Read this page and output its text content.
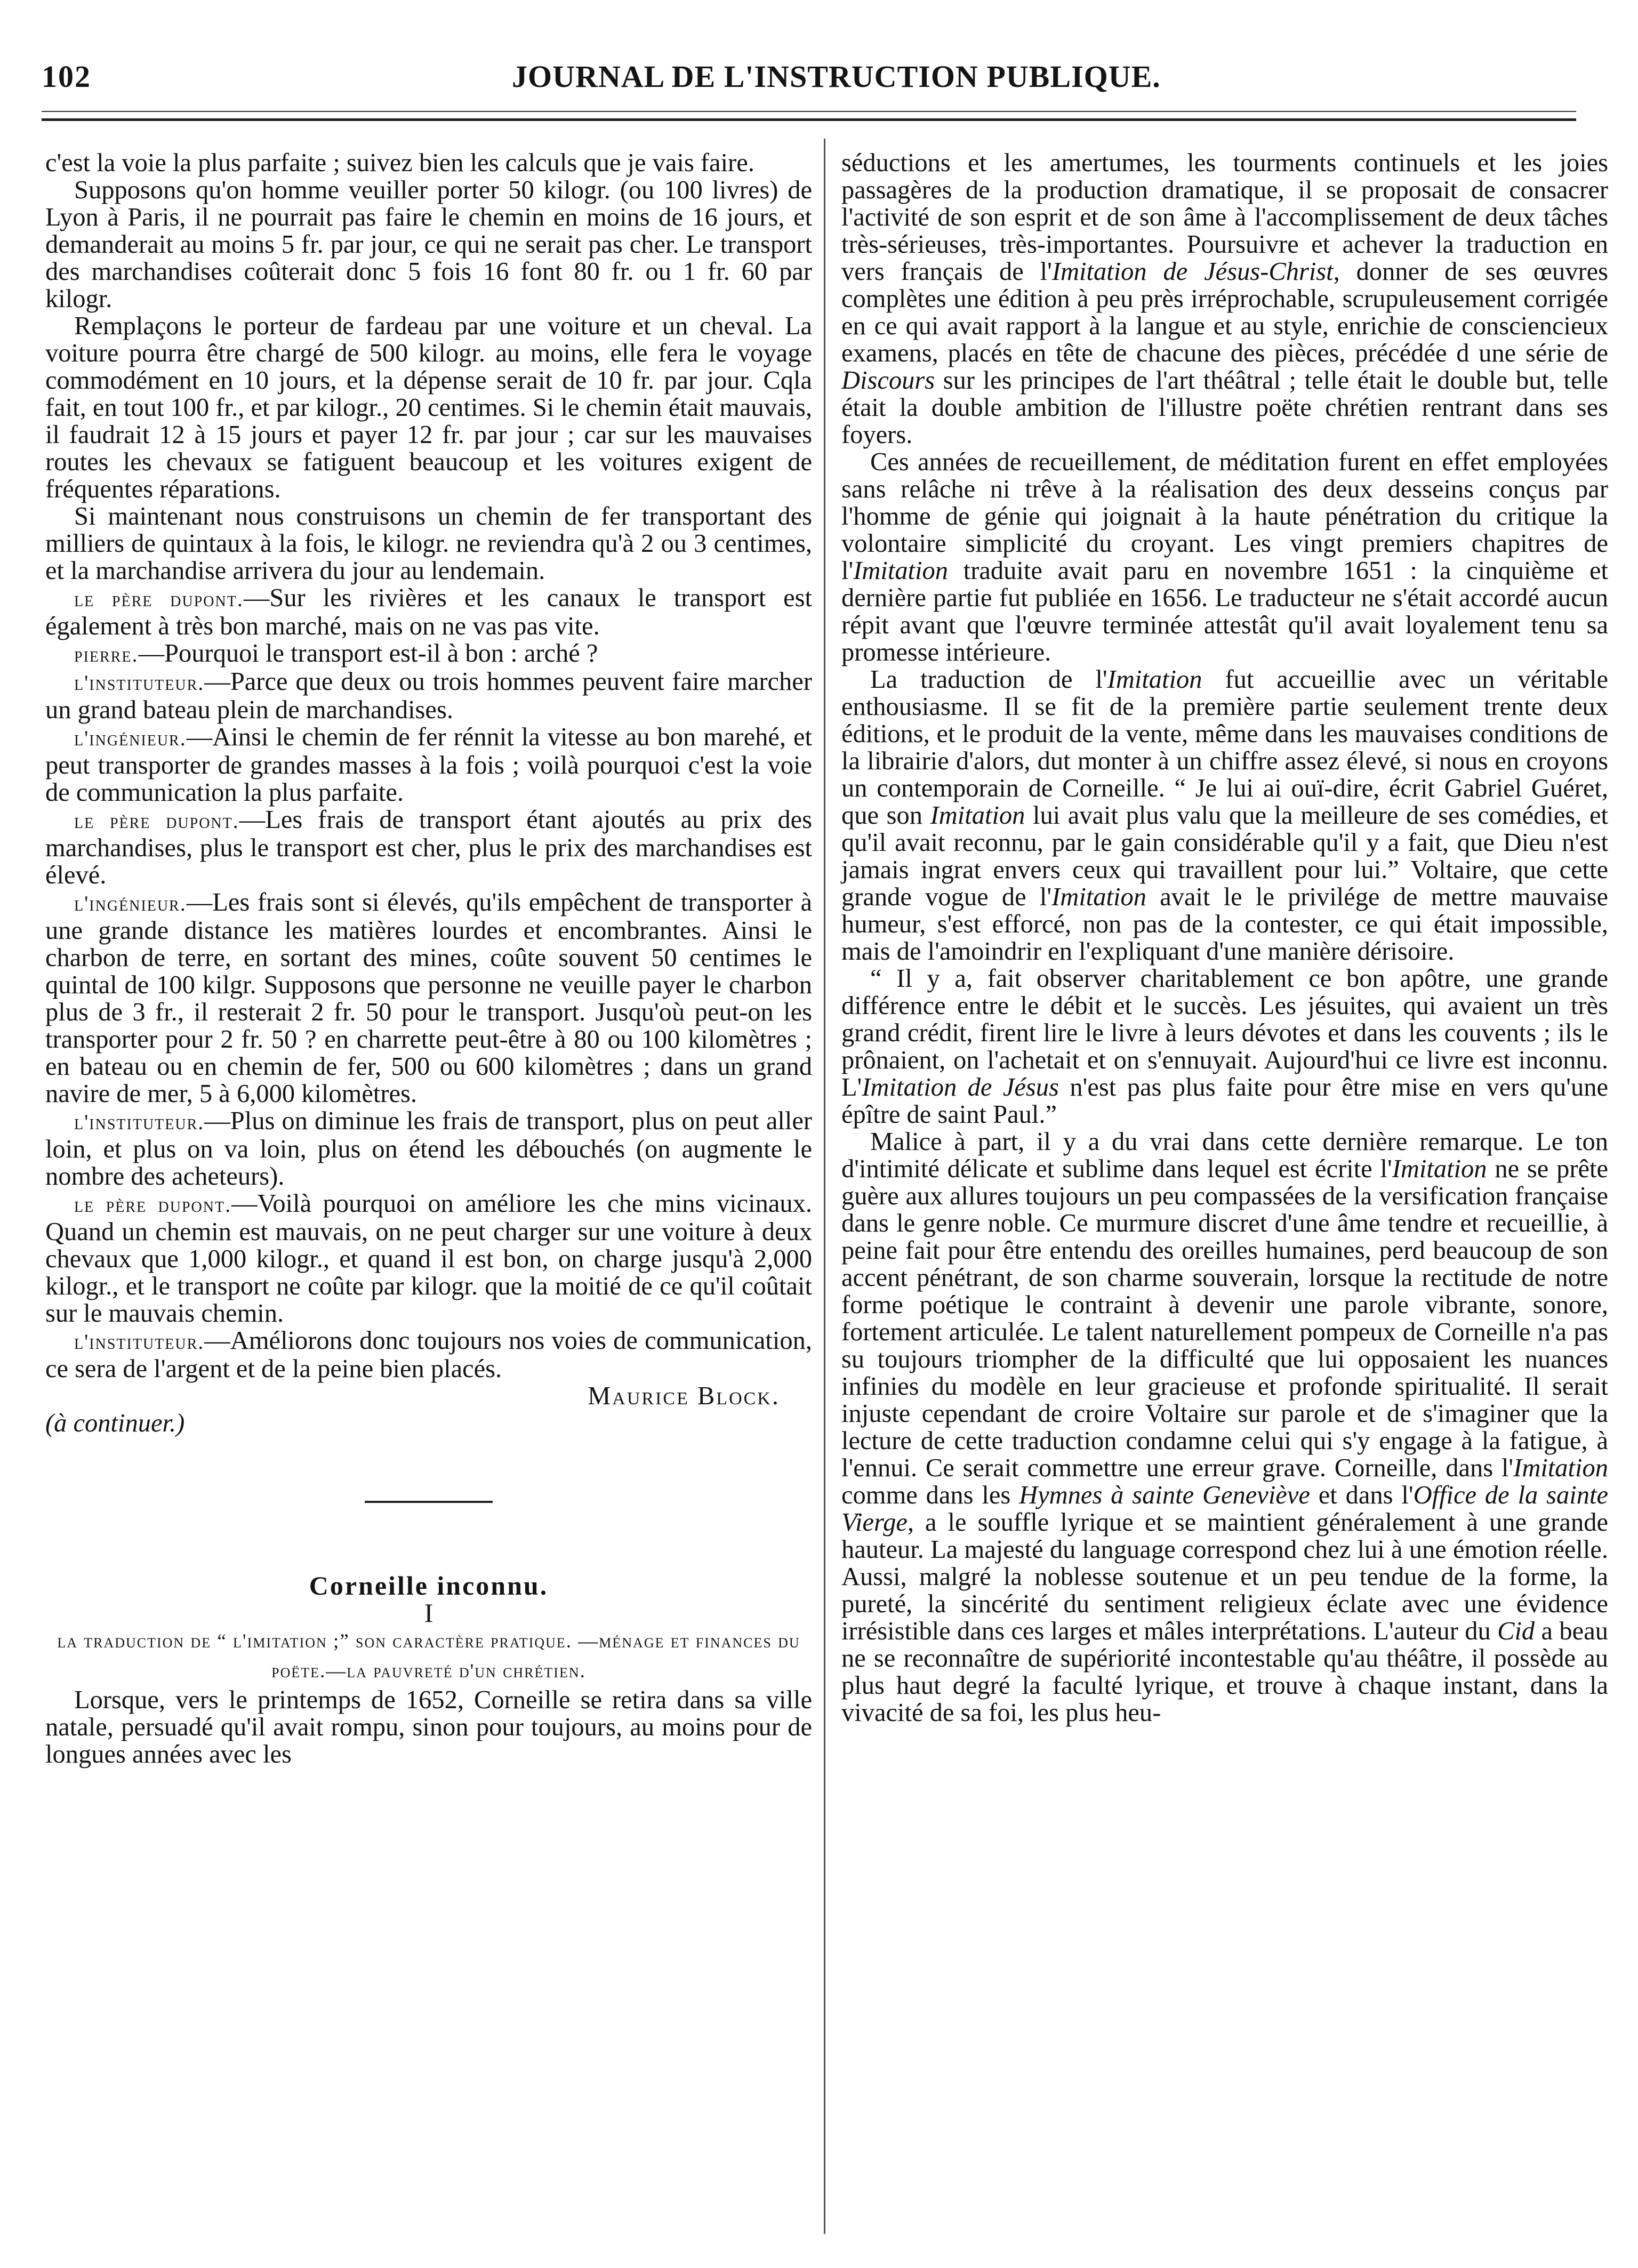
102	JOURNAL DE L'INSTRUCTION PUBLIQUE.

c'est la voie la plus parfaite ; suivez bien les calculs que je vais faire.

Supposons qu'on homme veuiller porter 50 kilogr. (ou 100 livres) de Lyon à Paris, il ne pourrait pas faire le chemin en moins de 16 jours, et demanderait au moins 5 fr. par jour, ce qui ne serait pas cher. Le transport des marchandises coûterait donc 5 fois 16 font 80 fr. ou 1 fr. 60 par kilogr.

Remplaçons le porteur de fardeau par une voiture et un cheval. La voiture pourra être chargé de 500 kilogr. au moins, elle fera le voyage commodément en 10 jours, et la dépense serait de 10 fr. par jour. Cqla fait, en tout 100 fr., et par kilogr., 20 centimes. Si le chemin était mauvais, il faudrait 12 à 15 jours et payer 12 fr. par jour ; car sur les mauvaises routes les chevaux se fatiguent beaucoup et les voitures exigent de fréquentes réparations.

Si maintenant nous construisons un chemin de fer transportant des milliers de quintaux à la fois, le kilogr. ne reviendra qu'à 2 ou 3 centimes, et la marchandise arrivera du jour au lendemain.

le père dupont.—Sur les rivières et les canaux le transport est également à très bon marché, mais on ne vas pas vite.

pierre.—Pourquoi le transport est-il à bon : arché ?

l'instituteur.—Parce que deux ou trois hommes peuvent faire marcher un grand bateau plein de marchandises.

l'ingénieur.—Ainsi le chemin de fer rénnit la vitesse au bon marehé, et peut transporter de grandes masses à la fois ; voilà pourquoi c'est la voie de communication la plus parfaite.

le père dupont.—Les frais de transport étant ajoutés au prix des marchandises, plus le transport est cher, plus le prix des marchandises est élevé.

l'ingénieur.—Les frais sont si élevés, qu'ils empêchent de transporter à une grande distance les matières lourdes et encombrantes. Ainsi le charbon de terre, en sortant des mines, coûte souvent 50 centimes le quintal de 100 kilgr. Supposons que personne ne veuille payer le charbon plus de 3 fr., il resterait 2 fr. 50 pour le transport. Jusqu'où peut-on les transporter pour 2 fr. 50 ? en charrette peut-être à 80 ou 100 kilomètres ; en bateau ou en chemin de fer, 500 ou 600 kilomètres ; dans un grand navire de mer, 5 à 6,000 kilomètres.

l'instituteur.—Plus on diminue les frais de transport, plus on peut aller loin, et plus on va loin, plus on étend les débouchés (on augmente le nombre des acheteurs).

le père dupont.—Voilà pourquoi on améliore les che mins vicinaux. Quand un chemin est mauvais, on ne peut charger sur une voiture à deux chevaux que 1,000 kilogr., et quand il est bon, on charge jusqu'à 2,000 kilogr., et le transport ne coûte par kilogr. que la moitié de ce qu'il coûtait sur le mauvais chemin.

l'instituteur.—Améliorons donc toujours nos voies de communication, ce sera de l'argent et de la peine bien placés.

Maurice Block.

(à continuer.)

Corneille inconnu.

I

la traduction de “ l'imitation ;” son caractère pratique. —ménage et finances du poëte.—la pauvreté d'un chrétien.

Lorsque, vers le printemps de 1652, Corneille se retira dans sa ville natale, persuadé qu'il avait rompu, sinon pour toujours, au moins pour de longues années avec les

séductions et les amertumes, les tourments continuels et les joies passagères de la production dramatique, il se proposait de consacrer l'activité de son esprit et de son âme à l'accomplissement de deux tâches très-sérieuses, très-importantes. Poursuivre et achever la traduction en vers français de l'Imitation de Jésus-Christ, donner de ses œuvres complètes une édition à peu près irréprochable, scrupuleusement corrigée en ce qui avait rapport à la langue et au style, enrichie de consciencieux examens, placés en tête de chacune des pièces, précédée d une série de Discours sur les principes de l'art théâtral ; telle était le double but, telle était la double ambition de l'illustre poëte chrétien rentrant dans ses foyers.

Ces années de recueillement, de méditation furent en effet employées sans relâche ni trêve à la réalisation des deux desseins conçus par l'homme de génie qui joignait à la haute pénétration du critique la volontaire simplicité du croyant. Les vingt premiers chapitres de l'Imitation traduite avait paru en novembre 1651 : la cinquième et dernière partie fut publiée en 1656. Le traducteur ne s'était accordé aucun répit avant que l'œuvre terminée attestât qu'il avait loyalement tenu sa promesse intérieure.

La traduction de l'Imitation fut accueillie avec un véritable enthousiasme. Il se fit de la première partie seulement trente deux éditions, et le produit de la vente, même dans les mauvaises conditions de la librairie d'alors, dut monter à un chiffre assez élevé, si nous en croyons un contemporain de Corneille. “ Je lui ai ouï-dire, écrit Gabriel Guéret, que son Imitation lui avait plus valu que la meilleure de ses comédies, et qu'il avait reconnu, par le gain considérable qu'il y a fait, que Dieu n'est jamais ingrat envers ceux qui travaillent pour lui.” Voltaire, que cette grande vogue de l'Imitation avait le le privilége de mettre mauvaise humeur, s'est efforcé, non pas de la contester, ce qui était impossible, mais de l'amoindrir en l'expliquant d'une manière dérisoire.

“ Il y a, fait observer charitablement ce bon apôtre, une grande différence entre le débit et le succès. Les jésuites, qui avaient un très grand crédit, firent lire le livre à leurs dévotes et dans les couvents ; ils le prônaient, on l'achetait et on s'ennuyait. Aujourd'hui ce livre est inconnu. L'Imitation de Jésus n'est pas plus faite pour être mise en vers qu'une épître de saint Paul.”

Malice à part, il y a du vrai dans cette dernière remarque. Le ton d'intimité délicate et sublime dans lequel est écrite l'Imitation ne se prête guère aux allures toujours un peu compassées de la versification française dans le genre noble. Ce murmure discret d'une âme tendre et recueillie, à peine fait pour être entendu des oreilles humaines, perd beaucoup de son accent pénétrant, de son charme souverain, lorsque la rectitude de notre forme poétique le contraint à devenir une parole vibrante, sonore, fortement articulée. Le talent naturellement pompeux de Corneille n'a pas su toujours triompher de la difficulté que lui opposaient les nuances infinies du modèle en leur gracieuse et profonde spiritualité. Il serait injuste cependant de croire Voltaire sur parole et de s'imaginer que la lecture de cette traduction condamne celui qui s'y engage à la fatigue, à l'ennui. Ce serait commettre une erreur grave. Corneille, dans l'Imitation comme dans les Hymnes à sainte Geneviève et dans l'Office de la sainte Vierge, a le souffle lyrique et se maintient généralement à une grande hauteur. La majesté du language correspond chez lui à une émotion réelle. Aussi, malgré la noblesse soutenue et un peu tendue de la forme, la pureté, la sincérité du sentiment religieux éclate avec une évidence irrésistible dans ces larges et mâles interprétations. L'auteur du Cid a beau ne se reconnaître de supériorité incontestable qu'au théâtre, il possède au plus haut degré la faculté lyrique, et trouve à chaque instant, dans la vivacité de sa foi, les plus heu-
